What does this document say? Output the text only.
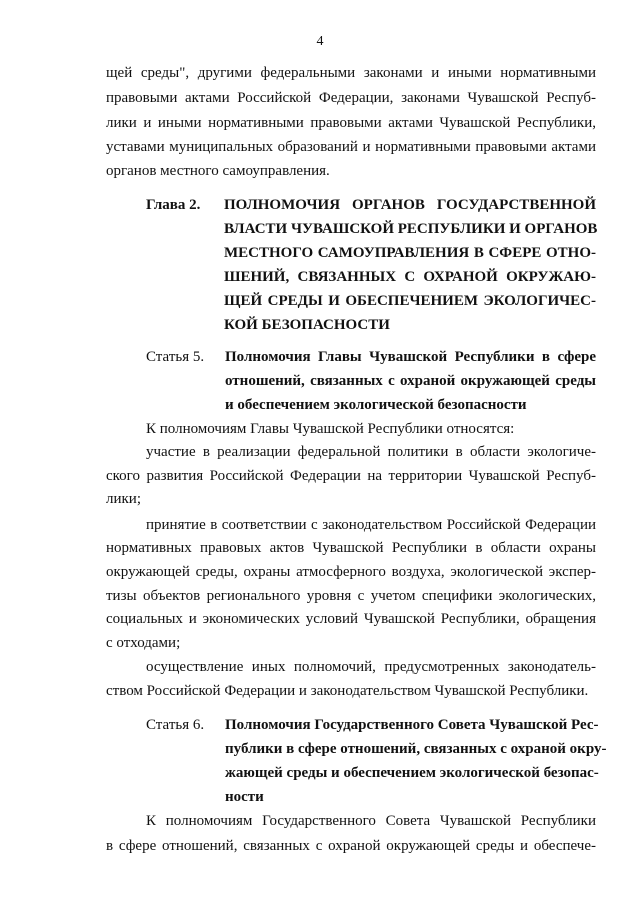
4
щей среды", другими федеральными законами и иными нормативными
правовыми актами Российской Федерации, законами Чувашской Респуб-
лики и иными нормативными правовыми актами Чувашской Республики,
уставами муниципальных образований и нормативными правовыми актами
органов местного самоуправления.
Глава 2. ПОЛНОМОЧИЯ ОРГАНОВ ГОСУДАРСТВЕННОЙ
ВЛАСТИ ЧУВАШСКОЙ РЕСПУБЛИКИ И ОРГАНОВ
МЕСТНОГО САМОУПРАВЛЕНИЯ В СФЕРЕ ОТНО-
ШЕНИЙ, СВЯЗАННЫХ С ОХРАНОЙ ОКРУЖАЮ-
ЩЕЙ СРЕДЫ И ОБЕСПЕЧЕНИЕМ ЭКОЛОГИЧЕС-
КОЙ БЕЗОПАСНОСТИ
Статья 5. Полномочия Главы Чувашской Республики в сфере
отношений, связанных с охраной окружающей среды
и обеспечением экологической безопасности
К полномочиям Главы Чувашской Республики относятся:
участие в реализации федеральной политики в области экологиче-
ского развития Российской Федерации на территории Чувашской Респуб-
лики;
принятие в соответствии с законодательством Российской Федерации
нормативных правовых актов Чувашской Республики в области охраны
окружающей среды, охраны атмосферного воздуха, экологической экспер-
тизы объектов регионального уровня с учетом специфики экологических,
социальных и экономических условий Чувашской Республики, обращения
с отходами;
осуществление иных полномочий, предусмотренных законодатель-
ством Российской Федерации и законодательством Чувашской Республики.
Статья 6. Полномочия Государственного Совета Чувашской Рес-
публики в сфере отношений, связанных с охраной окру-
жающей среды и обеспечением экологической безопас-
ности
К полномочиям Государственного Совета Чувашской Республики
в сфере отношений, связанных с охраной окружающей среды и обеспече-
